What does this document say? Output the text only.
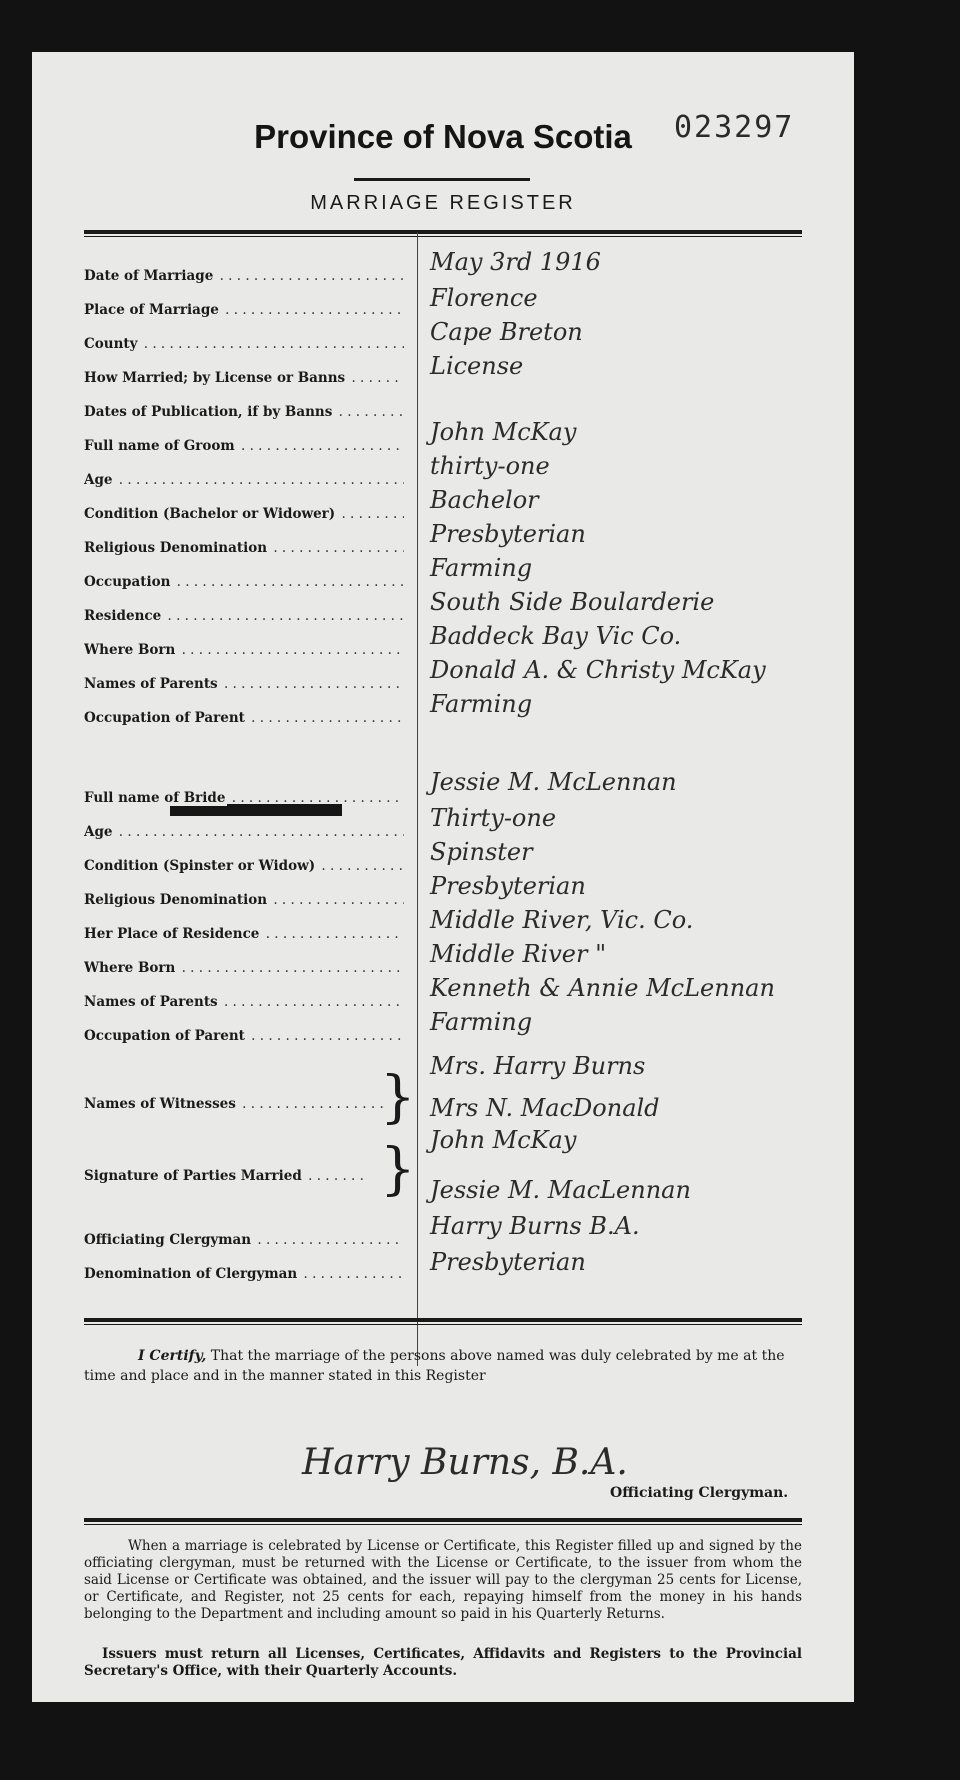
023297
Province of Nova Scotia
MARRIAGE REGISTER
Date of Marriage . . .	May 3rd 1916
Place of Marriage . . .	Florence
County . . .	Cape Breton
How Married; by License or Banns . . .	License
Dates of Publication, if by Banns . . .
Full name of Groom . . .	John McKay
Age . . .	thirty-one
Condition (Bachelor or Widower) . . .	Bachelor
Religious Denomination . . .	Presbyterian
Occupation . . .	Farming
Residence . . .	South Side Boularderie
Where Born . . .	Baddeck Bay Vic Co.
Names of Parents . . .	Donald A. & Christy McKay
Occupation of Parent . . .	Farming
Full name of Bride . . .
Jessie M. McLennan
Age . . .	Thirty-one
Condition (Spinster or Widow) . . .	Spinster
Religious Denomination . . .	Presbyterian
Her Place of Residence . . .	Middle River, Vic. Co.
Where Born . . .	Middle River "
Names of Parents . . .	Kenneth & Annie McLennan
Occupation of Parent . . .	Farming
Names of Witnesses . . .	} Mrs. Harry Burns
Mrs N. MacDonald
Signature of Parties Married . . .	} John McKay
Jessie M. MacLennan
Officiating Clergyman . . .	Harry Burns B.A.
Denomination of Clergyman . . .	Presbyterian
I Certify, That the marriage of the persons above named was duly celebrated by me at the time and place and in the manner stated in this Register
Harry Burns, B.A.
Officiating Clergyman.
When a marriage is celebrated by License or Certificate, this Register filled up and signed by the officiating clergyman, must be returned with the License or Certificate, to the issuer from whom the said License or Certificate was obtained, and the issuer will pay to the clergyman 25 cents for License, or Certificate, and Register, not 25 cents for each, repaying himself from the money in his hands belonging to the Department and including amount so paid in his Quarterly Returns.
Issuers must return all Licenses, Certificates, Affidavits and Registers to the Provincial Secretary's Office, with their Quarterly Accounts.
